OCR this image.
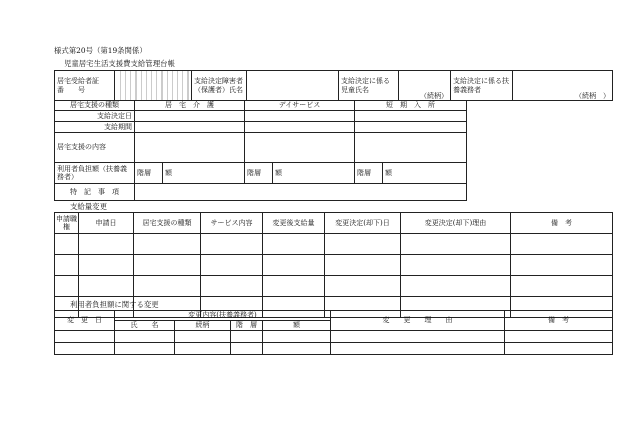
様式第20号（第19条関係）
児童居宅生活支援費支給管理台帳
居宅受給者証　番　　号		支給決定障害者（保護者）氏名		支給決定に係る児童氏名	（続柄）	支給決定に係る扶養義務者	（続柄　）
居宅支援の種類	居　宅　介　護		デイサービス		短　期　入　所	
支給決定日						
支給期間						
居宅支援の内容						
利用者負担額（扶養義務者）	階層	額	階層	額	階層	額
特　記　事　項						
支給量変更
申請職権	申請日	居宅支援の種類	サービス内容	変更後支給量	変更決定(却下)日	変更決定(却下)理由	備　考

利用者負担額に関する変更
変　更　日	変更内容(扶養義務者)				変　　更　　理　　由	備　考
	氏　　名	続柄	階　層	額		
